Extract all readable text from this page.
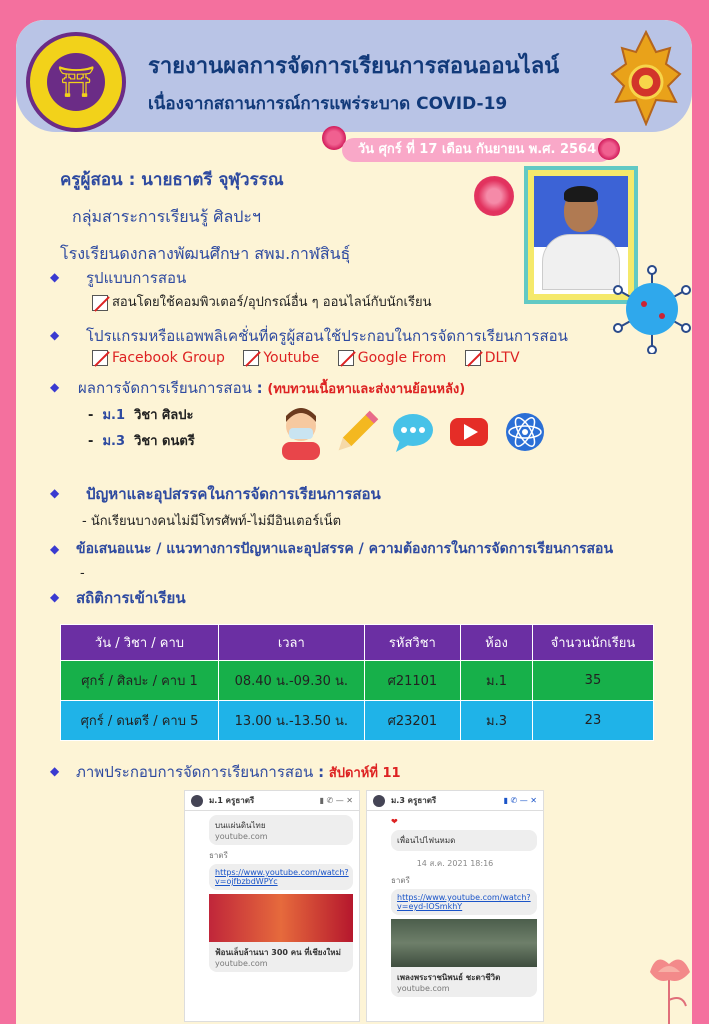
⛩	รายงานผลการจัดการเรียนการสอนออนไลน์
เนื่องจากสถานการณ์การแพร่ระบาด COVID-19
วัน ศุกร์ ที่ 17 เดือน กันยายน พ.ศ. 2564
ครูผู้สอน : นายธาตรี จุฬุวรรณ
กลุ่มสาระการเรียนรู้ ศิลปะฯ
โรงเรียนดงกลางพัฒนศึกษา สพม.กาฬสินธุ์
◆ รูปแบบการสอน
สอนโดยใช้คอมพิวเตอร์/อุปกรณ์อื่น ๆ ออนไลน์กับนักเรียน
◆ โปรแกรมหรือแอพพลิเคชั่นที่ครูผู้สอนใช้ประกอบในการจัดการเรียนการสอน
Facebook Group	Youtube	Google From	DLTV
◆ ผลการจัดการเรียนการสอน : (ทบทวนเนื้อหาและส่งงานย้อนหลัง)
-  ม.1 วิชา ศิลปะ
-  ม.3 วิชา ดนตรี
◆ ปัญหาและอุปสรรคในการจัดการเรียนการสอน
- นักเรียนบางคนไม่มีโทรศัพท์-ไม่มีอินเตอร์เน็ต
◆ ข้อเสนอแนะ / แนวทางการปัญหาและอุปสรรค / ความต้องการในการจัดการเรียนการสอน
-
◆ สถิติการเข้าเรียน
วัน / วิชา / คาบ	เวลา	รหัสวิชา	ห้อง	จำนวนนักเรียน
ศุกร์ / ศิลปะ / คาบ 1	08.40 น.-09.30 น.	ศ21101	ม.1	35
ศุกร์ / ดนตรี / คาบ 5	13.00 น.-13.50 น.	ศ23201	ม.3	23
◆ ภาพประกอบการจัดการเรียนการสอน : สัปดาห์ที่ 11
ม.1 ครูธาตรี	▮ ✆ — ✕
บนแผ่นดินไทย
youtube.com
ธาตรี
https://www.youtube.com/watch?v=ojfbzbdWPYc
ฟ้อนเล็บล้านนา 300 คน ที่เชียงใหม่
youtube.com
ม.3 ครูธาตรี	▮ ✆ — ✕
❤
เพื่อนไปไฟนหมด
14 ส.ค. 2021 18:16
ธาตรี
https://www.youtube.com/watch?v=eyd-IOSmkhY
เพลงพระราชนิพนธ์ ชะตาชีวิต
youtube.com
